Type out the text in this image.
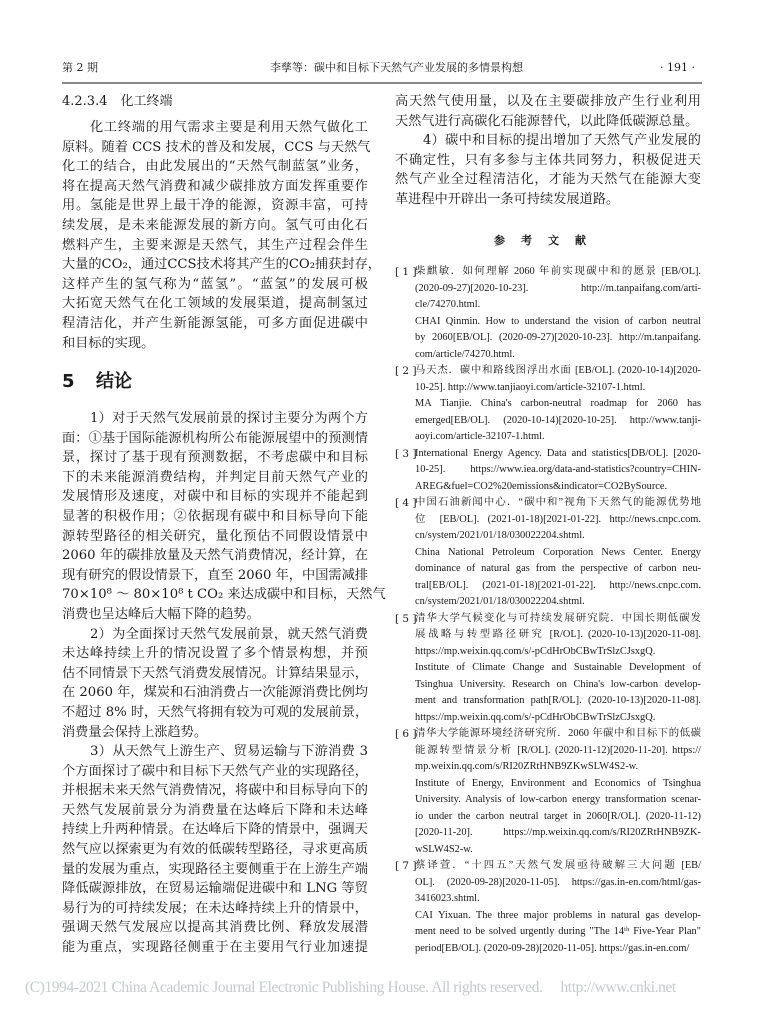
第 2 期	李孳等：碳中和目标下天然气产业发展的多情景构想	· 191 ·
4.2.3.4　化工终端
化工终端的用气需求主要是利用天然气做化工
原料。随着 CCS 技术的普及和发展，CCS 与天然气
化工的结合，由此发展出的“天然气制蓝氢”业务，
将在提高天然气消费和减少碳排放方面发挥重要作
用。氢能是世界上最干净的能源，资源丰富，可持
续发展，是未来能源发展的新方向。氢气可由化石
燃料产生，主要来源是天然气，其生产过程会伴生
大量的CO₂，通过CCS技术将其产生的CO₂捕获封存，
这样产生的氢气称为“蓝氢”。“蓝氢”的发展可极
大拓宽天然气在化工领域的发展渠道，提高制氢过
程清洁化，并产生新能源氢能，可多方面促进碳中
和目标的实现。
5 结论
1）对于天然气发展前景的探讨主要分为两个方
面：①基于国际能源机构所公布能源展望中的预测情
景，探讨了基于现有预测数据，不考虑碳中和目标
下的未来能源消费结构，并判定目前天然气产业的
发展情形及速度，对碳中和目标的实现并不能起到
显著的积极作用；②依据现有碳中和目标导向下能
源转型路径的相关研究，量化预估不同假设情景中
2060 年的碳排放量及天然气消费情况，经计算，在
现有研究的假设情景下，直至 2060 年，中国需减排
70×10⁸ ～ 80×10⁸ t CO₂ 来达成碳中和目标，天然气
消费也呈达峰后大幅下降的趋势。
2）为全面探讨天然气发展前景，就天然气消费
未达峰持续上升的情况设置了多个情景构想，并预
估不同情景下天然气消费发展情况。计算结果显示，
在 2060 年，煤炭和石油消费占一次能源消费比例均
不超过 8% 时，天然气将拥有较为可观的发展前景，
消费量会保持上涨趋势。
3）从天然气上游生产、贸易运输与下游消费 3
个方面探讨了碳中和目标下天然气产业的实现路径，
并根据未来天然气消费情况，将碳中和目标导向下的
天然气发展前景分为消费量在达峰后下降和未达峰
持续上升两种情景。在达峰后下降的情景中，强调天
然气应以探索更为有效的低碳转型路径，寻求更高质
量的发展为重点，实现路径主要侧重于在上游生产端
降低碳源排放，在贸易运输端促进碳中和 LNG 等贸
易行为的可持续发展；在未达峰持续上升的情景中，
强调天然气发展应以提高其消费比例、释放发展潜
能为重点，实现路径侧重于在主要用气行业加速提
高天然气使用量，以及在主要碳排放产生行业利用
天然气进行高碳化石能源替代，以此降低碳源总量。
4）碳中和目标的提出增加了天然气产业发展的
不确定性，只有多参与主体共同努力，积极促进天
然气产业全过程清洁化，才能为天然气在能源大变
革进程中开辟出一条可持续发展道路。
参考文献
[ 1 ]
柴麒敏．如何理解 2060 年前实现碳中和的愿景 [EB/OL].
(2020-09-27)[2020-10-23]. http://m.tanpaifang.com/arti-
cle/74270.html.
CHAI Qinmin. How to understand the vision of carbon neutral
by 2060[EB/OL]. (2020-09-27)[2020-10-23]. http://m.tanpaifang.
com/article/74270.html.
[ 2 ]
马天杰．碳中和路线图浮出水面 [EB/OL]. (2020-10-14)[2020-
10-25]. http://www.tanjiaoyi.com/article-32107-1.html.
MA Tianjie. China's carbon-neutral roadmap for 2060 has
emerged[EB/OL]. (2020-10-14)[2020-10-25]. http://www.tanji-
aoyi.com/article-32107-1.html.
[ 3 ]
International Energy Agency. Data and statistics[DB/OL]. [2020-
10-25]. https://www.iea.org/data-and-statistics?country=CHIN-
AREG&fuel=CO2%20emissions&indicator=CO2BySource.
[ 4 ]
中国石油新闻中心．“碳中和”视角下天然气的能源优势地
位 [EB/OL]. (2021-01-18)[2021-01-22]. http://news.cnpc.com.
cn/system/2021/01/18/030022204.shtml.
China National Petroleum Corporation News Center. Energy
dominance of natural gas from the perspective of carbon neu-
tral[EB/OL]. (2021-01-18)[2021-01-22]. http://news.cnpc.com.
cn/system/2021/01/18/030022204.shtml.
[ 5 ]
清华大学气候变化与可持续发展研究院．中国长期低碳发
展战略与转型路径研究 [R/OL]. (2020-10-13)[2020-11-08].
https://mp.weixin.qq.com/s/-pCdHrObCBwTrSlzCJsxgQ.
Institute of Climate Change and Sustainable Development of
Tsinghua University. Research on China's low-carbon develop-
ment and transformation path[R/OL]. (2020-10-13)[2020-11-08].
https://mp.weixin.qq.com/s/-pCdHrObCBwTrSlzCJsxgQ.
[ 6 ]
清华大学能源环境经济研究所．2060 年碳中和目标下的低碳
能源转型情景分析 [R/OL]. (2020-11-12)[2020-11-20]. https://
mp.weixin.qq.com/s/RI20ZRtHNB9ZKwSLW4S2-w.
Institute of Energy, Environment and Economics of Tsinghua
University. Analysis of low-carbon energy transformation scenar-
io under the carbon neutral target in 2060[R/OL]. (2020-11-12)
[2020-11-20]. https://mp.weixin.qq.com/s/RI20ZRtHNB9ZK-
wSLW4S2-w.
[ 7 ]
蔡译萱．“十四五”天然气发展亟待破解三大问题 [EB/
OL]. (2020-09-28)[2020-11-05]. https://gas.in-en.com/html/gas-
3416023.shtml.
CAI Yixuan. The three major problems in natural gas develop-
ment need to be solved urgently during "The 14ᵗʰ Five-Year Plan"
period[EB/OL]. (2020-09-28)[2020-11-05]. https://gas.in-en.com/
(C)1994-2021 China Academic Journal Electronic Publishing House. All rights reserved. http://www.cnki.net
